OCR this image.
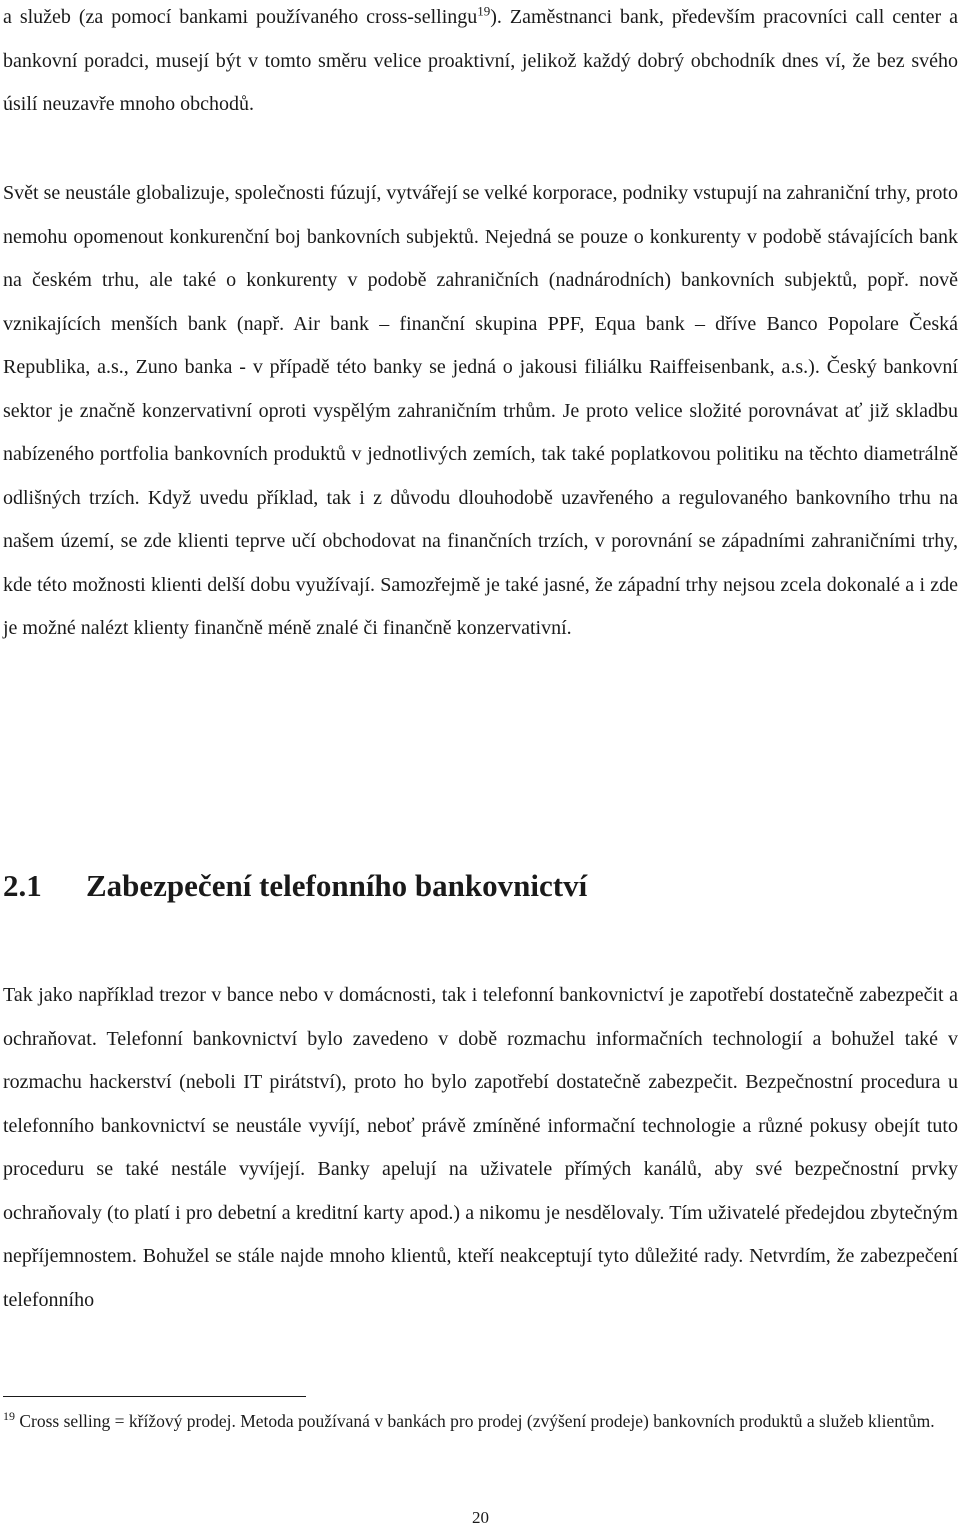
a služeb (za pomocí bankami používaného cross-sellingu$^{19}$). Zaměstnanci bank, především pracovníci call center a bankovní poradci, musejí být v tomto směru velice proaktivní, jelikož každý dobrý obchodník dnes ví, že bez svého úsilí neuzavře mnoho obchodů.

Svět se neustále globalizuje, společnosti fúzují, vytvářejí se velké korporace, podniky vstupují na zahraniční trhy, proto nemohu opomenout konkurenční boj bankovních subjektů. Nejedná se pouze o konkurenty v podobě stávajících bank na českém trhu, ale také o konkurenty v podobě zahraničních (nadnárodních) bankovních subjektů, popř. nově vznikajících menších bank (např. Air bank – finanční skupina PPF, Equa bank – dříve Banco Popolare Česká Republika, a.s., Zuno banka - v případě této banky se jedná o jakousi filiálku Raiffeisenbank, a.s.). Český bankovní sektor je značně konzervativní oproti vyspělým zahraničním trhům. Je proto velice složité porovnávat ať již skladbu nabízeného portfolia bankovních produktů v jednotlivých zemích, tak také poplatkovou politiku na těchto diametrálně odlišných trzích. Když uvedu příklad, tak i z důvodu dlouhodobě uzavřeného a regulovaného bankovního trhu na našem území, se zde klienti teprve učí obchodovat na finančních trzích, v porovnání se západními zahraničními trhy, kde této možnosti klienti delší dobu využívají. Samozřejmě je také jasné, že západní trhy nejsou zcela dokonalé a i zde je možné nalézt klienty finančně méně znalé či finančně konzervativní.

2.1 Zabezpečení telefonního bankovnictví

Tak jako například trezor v bance nebo v domácnosti, tak i telefonní bankovnictví je zapotřebí dostatečně zabezpečit a ochraňovat. Telefonní bankovnictví bylo zavedeno v době rozmachu informačních technologií a bohužel také v rozmachu hackerství (neboli IT pirátství), proto ho bylo zapotřebí dostatečně zabezpečit. Bezpečnostní procedura u telefonního bankovnictví se neustále vyvíjí, neboť právě zmíněné informační technologie a různé pokusy obejít tuto proceduru se také nestále vyvíjejí. Banky apelují na uživatele přímých kanálů, aby své bezpečnostní prvky ochraňovaly (to platí i pro debetní a kreditní karty apod.) a nikomu je nesdělovaly. Tím uživatelé předejdou zbytečným nepříjemnostem. Bohužel se stále najde mnoho klientů, kteří neakceptují tyto důležité rady. Netvrdím, že zabezpečení telefonního

$^{19}$ Cross selling = křížový prodej. Metoda používaná v bankách pro prodej (zvýšení prodeje) bankovních produktů a služeb klientům.

20
